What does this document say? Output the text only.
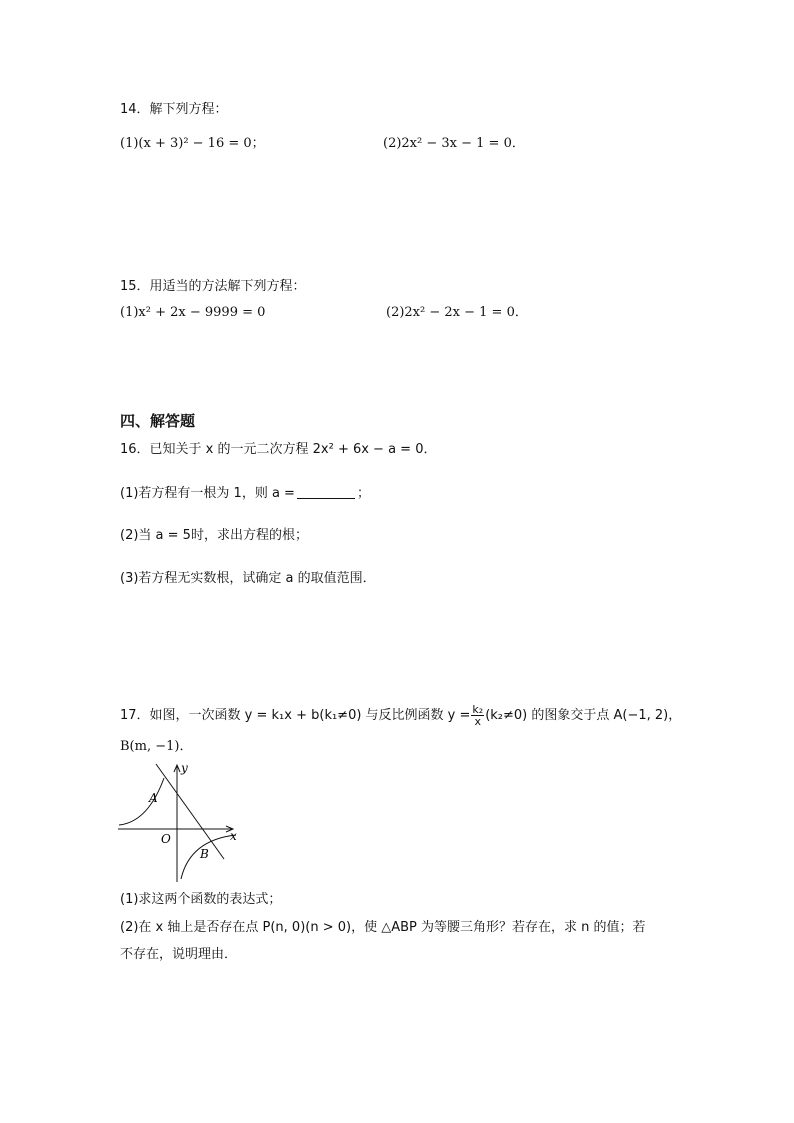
14．解下列方程：
(1)(x + 3)² − 16 = 0；	(2)2x² − 3x − 1 = 0．
15．用适当的方法解下列方程：
(1)x² + 2x − 9999 = 0	(2)2x² − 2x − 1 = 0．
四、解答题
16．已知关于 x 的一元二次方程 2x² + 6x − a = 0．
(1)若方程有一根为 1，则 a =	；
(2)当 a = 5时，求出方程的根；
(3)若方程无实数根，试确定 a 的取值范围．
17．如图，一次函数 y = k₁x + b(k₁≠0) 与反比例函数 $y = \frac{\text{k₂}}{x} (k_2\ne 0)$ 的图象交于点 A(−1, 2)，
B(m, −1)．
y
x
O
A
B
(1)求这两个函数的表达式；
(2)在 x 轴上是否存在点 P(n, 0)(n > 0)，使 △ABP 为等腰三角形？若存在，求 n 的值；若
不存在，说明理由．
